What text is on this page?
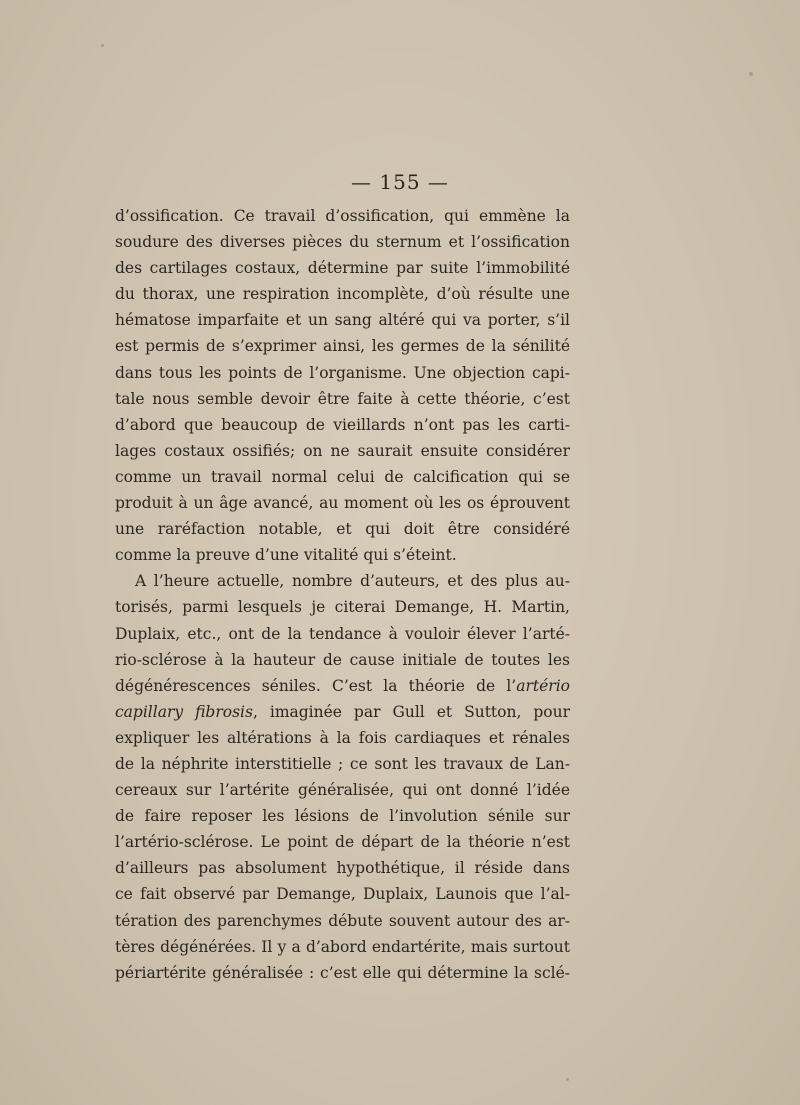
— 155 —
d’ossification. Ce travail d’ossification, qui emmène la
soudure des diverses pièces du sternum et l’ossification
des cartilages costaux, détermine par suite l’immobilité
du thorax, une respiration incomplète, d’où résulte une
hématose imparfaite et un sang altéré qui va porter, s’il
est permis de s’exprimer ainsi, les germes de la sénilité
dans tous les points de l’organisme. Une objection capi-
tale nous semble devoir être faite à cette théorie, c’est
d’abord que beaucoup de vieillards n’ont pas les carti-
lages costaux ossifiés; on ne saurait ensuite considérer
comme un travail normal celui de calcification qui se
produit à un âge avancé, au moment où les os éprouvent
une raréfaction notable, et qui doit être considéré
comme la preuve d’une vitalité qui s’éteint.
A l’heure actuelle, nombre d’auteurs, et des plus au-
torisés, parmi lesquels je citerai Demange, H. Martin,
Duplaix, etc., ont de la tendance à vouloir élever l’arté-
rio-sclérose à la hauteur de cause initiale de toutes les
dégénérescences séniles. C’est la théorie de l’artério
capillary fibrosis, imaginée par Gull et Sutton, pour
expliquer les altérations à la fois cardiaques et rénales
de la néphrite interstitielle ; ce sont les travaux de Lan-
cereaux sur l’artérite généralisée, qui ont donné l’idée
de faire reposer les lésions de l’involution sénile sur
l’artério-sclérose. Le point de départ de la théorie n’est
d’ailleurs pas absolument hypothétique, il réside dans
ce fait observé par Demange, Duplaix, Launois que l’al-
tération des parenchymes débute souvent autour des ar-
tères dégénérées. Il y a d’abord endartérite, mais surtout
périartérite généralisée : c’est elle qui détermine la sclé-
